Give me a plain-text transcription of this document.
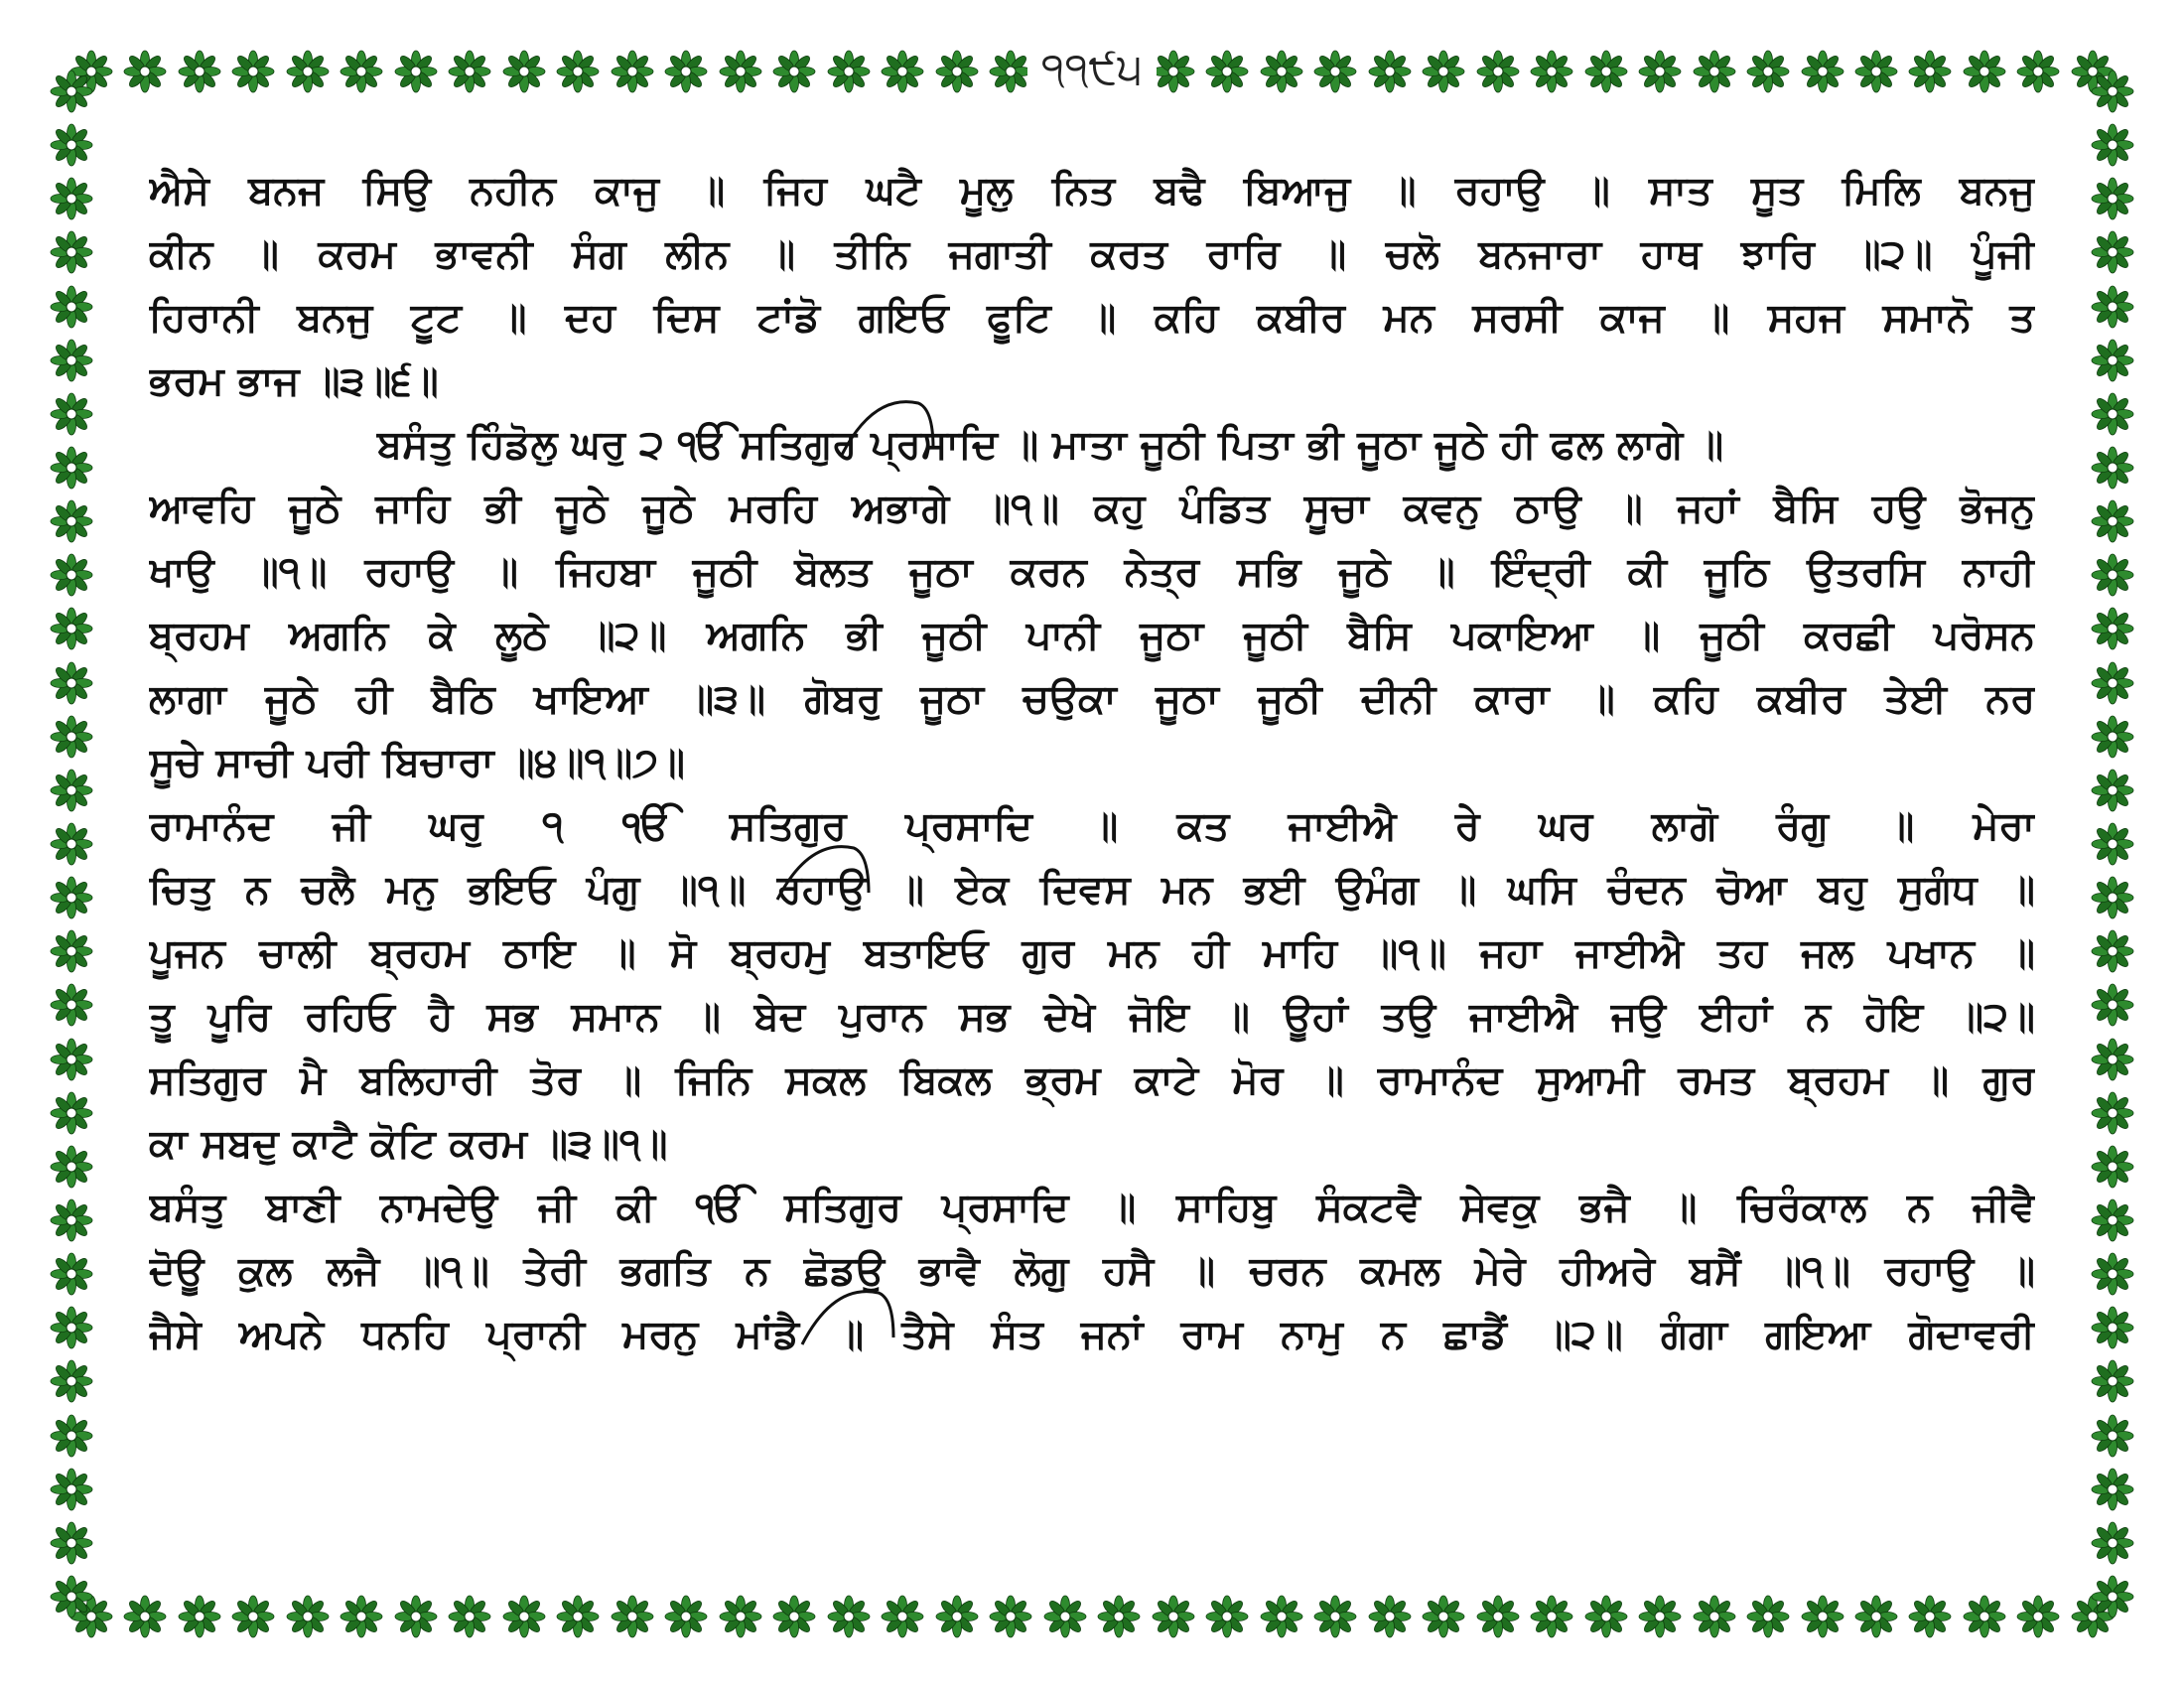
੧੧੯੫
ਐਸੇ ਬਨਜ ਸਿਉ ਨਹੀਨ ਕਾਜੁ ॥ ਜਿਹ ਘਟੈ ਮੂਲੁ ਨਿਤ ਬਢੈ ਬਿਆਜੁ ॥ ਰਹਾਉ ॥ ਸਾਤ ਸੂਤ ਮਿਲਿ ਬਨਜੁ
ਕੀਨ ॥ ਕਰਮ ਭਾਵਨੀ ਸੰਗ ਲੀਨ ॥ ਤੀਨਿ ਜਗਾਤੀ ਕਰਤ ਰਾਰਿ ॥ ਚਲੋ ਬਨਜਾਰਾ ਹਾਥ ਝਾਰਿ ॥੨॥ ਪੂੰਜੀ
ਹਿਰਾਨੀ ਬਨਜੁ ਟੂਟ ॥ ਦਹ ਦਿਸ ਟਾਂਡੋ ਗਇਓ ਫੂਟਿ ॥ ਕਹਿ ਕਬੀਰ ਮਨ ਸਰਸੀ ਕਾਜ ॥ ਸਹਜ ਸਮਾਨੋ ਤ
ਭਰਮ ਭਾਜ ॥੩॥੬॥
ਬਸੰਤੁ ਹਿੰਡੋਲੁ ਘਰੁ ੨ ੴ ਸਤਿਗੁਰ ਪ੍ਰਸਾਦਿ ॥ ਮਾਤਾ ਜੂਠੀ ਪਿਤਾ ਭੀ ਜੂਠਾ ਜੂਠੇ ਹੀ ਫਲ ਲਾਗੇ ॥
ਆਵਹਿ ਜੂਠੇ ਜਾਹਿ ਭੀ ਜੂਠੇ ਜੂਠੇ ਮਰਹਿ ਅਭਾਗੇ ॥੧॥ ਕਹੁ ਪੰਡਿਤ ਸੂਚਾ ਕਵਨੁ ਠਾਉ ॥ ਜਹਾਂ ਬੈਸਿ ਹਉ ਭੋਜਨੁ
ਖਾਉ ॥੧॥ ਰਹਾਉ ॥ ਜਿਹਬਾ ਜੂਠੀ ਬੋਲਤ ਜੂਠਾ ਕਰਨ ਨੇਤ੍ਰ ਸਭਿ ਜੂਠੇ ॥ ਇੰਦ੍ਰੀ ਕੀ ਜੂਠਿ ਉਤਰਸਿ ਨਾਹੀ
ਬ੍ਰਹਮ ਅਗਨਿ ਕੇ ਲੂਠੇ ॥੨॥ ਅਗਨਿ ਭੀ ਜੂਠੀ ਪਾਨੀ ਜੂਠਾ ਜੂਠੀ ਬੈਸਿ ਪਕਾਇਆ ॥ ਜੂਠੀ ਕਰਛੀ ਪਰੋਸਨ
ਲਾਗਾ ਜੂਠੇ ਹੀ ਬੈਠਿ ਖਾਇਆ ॥੩॥ ਗੋਬਰੁ ਜੂਠਾ ਚਉਕਾ ਜੂਠਾ ਜੂਠੀ ਦੀਨੀ ਕਾਰਾ ॥ ਕਹਿ ਕਬੀਰ ਤੇਈ ਨਰ
ਸੂਚੇ ਸਾਚੀ ਪਰੀ ਬਿਚਾਰਾ ॥੪॥੧॥੭॥
ਰਾਮਾਨੰਦ ਜੀ ਘਰੁ ੧ ੴ ਸਤਿਗੁਰ ਪ੍ਰਸਾਦਿ ॥ ਕਤ ਜਾਈਐ ਰੇ ਘਰ ਲਾਗੋ ਰੰਗੁ ॥ ਮੇਰਾ
ਚਿਤੁ ਨ ਚਲੈ ਮਨੁ ਭਇਓ ਪੰਗੁ ॥੧॥ ਰਹਾਉ ॥ ਏਕ ਦਿਵਸ ਮਨ ਭਈ ਉਮੰਗ ॥ ਘਸਿ ਚੰਦਨ ਚੋਆ ਬਹੁ ਸੁਗੰਧ ॥
ਪੂਜਨ ਚਾਲੀ ਬ੍ਰਹਮ ਠਾਇ ॥ ਸੋ ਬ੍ਰਹਮੁ ਬਤਾਇਓ ਗੁਰ ਮਨ ਹੀ ਮਾਹਿ ॥੧॥ ਜਹਾ ਜਾਈਐ ਤਹ ਜਲ ਪਖਾਨ ॥
ਤੂ ਪੂਰਿ ਰਹਿਓ ਹੈ ਸਭ ਸਮਾਨ ॥ ਬੇਦ ਪੁਰਾਨ ਸਭ ਦੇਖੇ ਜੋਇ ॥ ਊਹਾਂ ਤਉ ਜਾਈਐ ਜਉ ਈਹਾਂ ਨ ਹੋਇ ॥੨॥
ਸਤਿਗੁਰ ਮੈ ਬਲਿਹਾਰੀ ਤੋਰ ॥ ਜਿਨਿ ਸਕਲ ਬਿਕਲ ਭ੍ਰਮ ਕਾਟੇ ਮੋਰ ॥ ਰਾਮਾਨੰਦ ਸੁਆਮੀ ਰਮਤ ਬ੍ਰਹਮ ॥ ਗੁਰ
ਕਾ ਸਬਦੁ ਕਾਟੈ ਕੋਟਿ ਕਰਮ ॥੩॥੧॥
ਬਸੰਤੁ ਬਾਣੀ ਨਾਮਦੇਉ ਜੀ ਕੀ ੴ ਸਤਿਗੁਰ ਪ੍ਰਸਾਦਿ ॥ ਸਾਹਿਬੁ ਸੰਕਟਵੈ ਸੇਵਕੁ ਭਜੈ ॥ ਚਿਰੰਕਾਲ ਨ ਜੀਵੈ
ਦੋਊ ਕੁਲ ਲਜੈ ॥੧॥ ਤੇਰੀ ਭਗਤਿ ਨ ਛੋਡਉ ਭਾਵੈ ਲੋਗੁ ਹਸੈ ॥ ਚਰਨ ਕਮਲ ਮੇਰੇ ਹੀਅਰੇ ਬਸੈਂ ॥੧॥ ਰਹਾਉ ॥
ਜੈਸੇ ਅਪਨੇ ਧਨਹਿ ਪ੍ਰਾਨੀ ਮਰਨੁ ਮਾਂਡੈ ॥ ਤੈਸੇ ਸੰਤ ਜਨਾਂ ਰਾਮ ਨਾਮੁ ਨ ਛਾਡੈਂ ॥੨॥ ਗੰਗਾ ਗਇਆ ਗੋਦਾਵਰੀ
